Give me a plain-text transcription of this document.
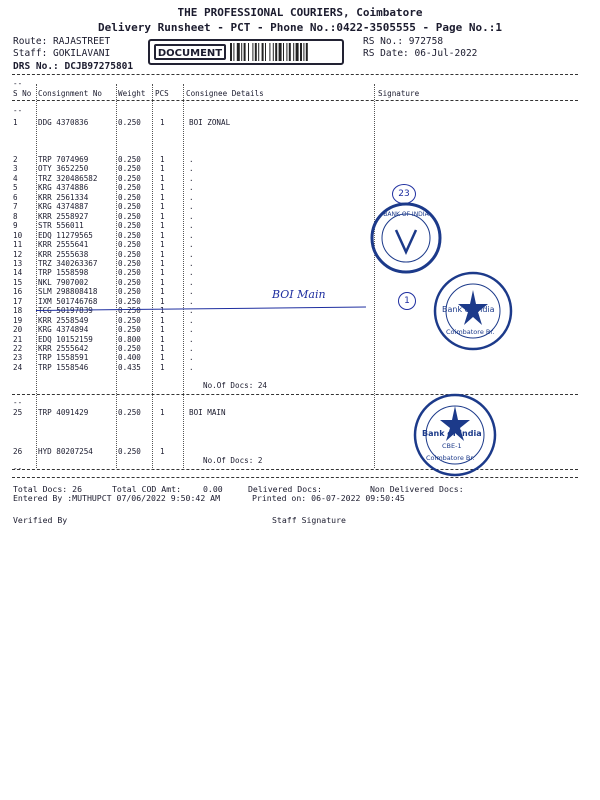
THE PROFESSIONAL COURIERS, Coimbatore
Delivery Runsheet - PCT - Phone No.:0422-3505555 - Page No.:1
Route: RAJASTREET
Staff: GOKILAVANI
DRS No.: DCJB97275801
RS No.: 972758
RS Date: 06-Jul-2022
DOCUMENT
--
S No Consignment No Weight PCS Consignee Details	Signature
--
1	DDG 4370836	0.250	1	BOI ZONAL
2	TRP 7074969	0.250	1	.
3	OTY 3652250	0.250	1	.
4	TRZ 320486582	0.250	1	.
5	KRG 4374886	0.250	1	.
6	KRR 2561334	0.250	1	.
7	KRG 4374887	0.250	1	.
8	KRR 2558927	0.250	1	.
9	STR 556011	0.250	1	.
10 EDQ 11279565	0.250	1	.
11 KRR 2555641	0.250	1	.
12 KRR 2555638	0.250	1	.
13 TRZ 340263367	0.250	1	.
14 TRP 1558598	0.250	1	.
15 NKL 7907002	0.250	1	.
16 SLM 298808418	0.250	1	.
17 IXM 501746768	0.250	1	.
18 TCG 50197839	0.250	1	.
19 KRR 2558549	0.250	1	.
20 KRG 4374894	0.250	1	.
21 EDQ 10152159	0.800	1	.
22 KRR 2555642	0.250	1	.
23 TRP 1558591	0.400	1	.
24 TRP 1558546	0.435	1	.
No.Of Docs: 24
--
25 TRP 4091429	0.250	1	BOI MAIN
26 HYD 80207254	0.250	1
No.Of Docs: 2
--
Total Docs: 26	Total COD Amt:	0.00	Delivered Docs:	Non Delivered Docs:
Entered By :MUTHUPCT 07/06/2022 9:50:42 AM	Printed on: 06-07-2022 09:50:45
Verified By	Staff Signature
BOI Main	1
23
BANK OF INDIA
Bank of India
Coimbatore Br.
Bank of India
CBE-1
Coimbatore Br.
